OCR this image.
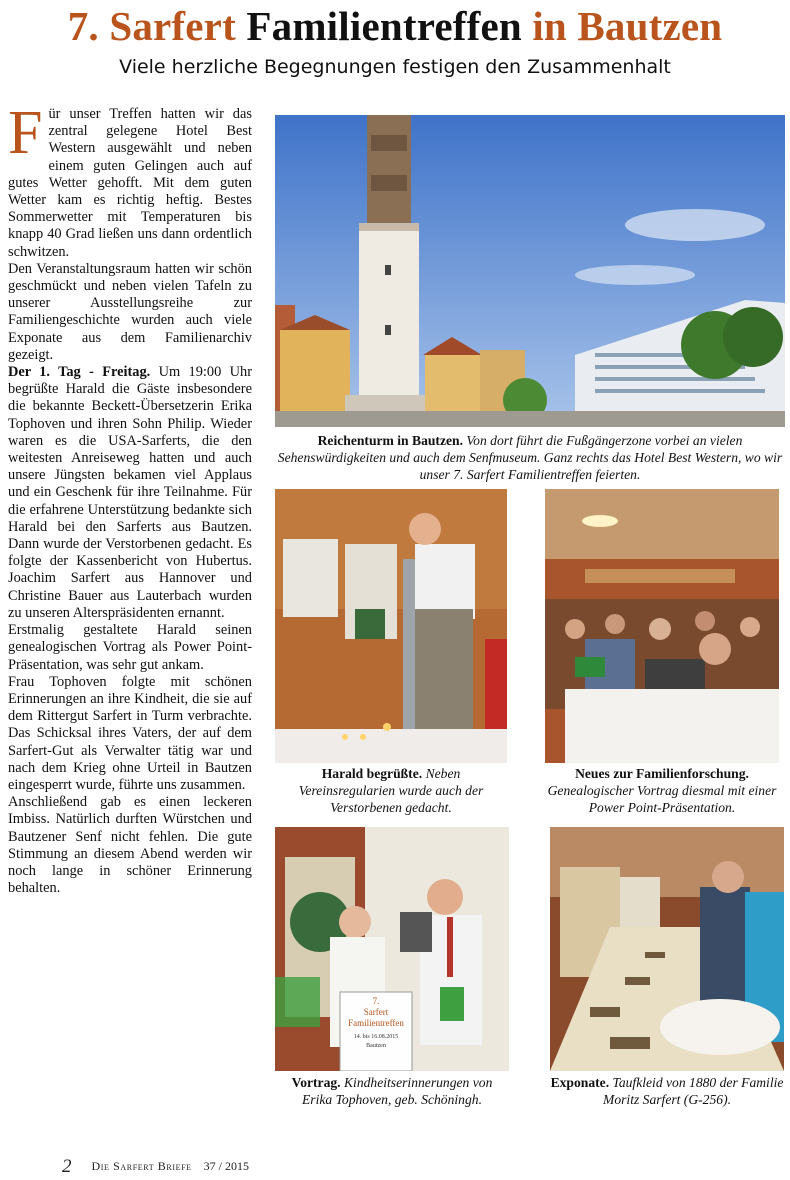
7. Sarfert Familientreffen in Bautzen
Viele herzliche Begegnungen festigen den Zusammenhalt

Für unser Treffen hatten wir das zentral gelegene Hotel Best Western ausgewählt und neben einem guten Gelingen auch auf gutes Wetter gehofft. Mit dem guten Wetter kam es richtig heftig. Bestes Sommerwetter mit Temperaturen bis knapp 40 Grad ließen uns dann ordentlich schwitzen.

Den Veranstaltungsraum hatten wir schön geschmückt und neben vielen Tafeln zu unserer Ausstellungsreihe zur Familiengeschichte wurden auch viele Exponate aus dem Familienarchiv gezeigt.

Der 1. Tag - Freitag. Um 19:00 Uhr begrüßte Harald die Gäste insbesondere die bekannte Beckett-Übersetzerin Erika Tophoven und ihren Sohn Philip. Wieder waren es die USA-Sarferts, die den weitesten Anreiseweg hatten und auch unsere Jüngsten bekamen viel Applaus und ein Geschenk für ihre Teilnahme. Für die erfahrene Unterstützung bedankte sich Harald bei den Sarferts aus Bautzen. Dann wurde der Verstorbenen gedacht. Es folgte der Kassenbericht von Hubertus. Joachim Sarfert aus Hannover und Christine Bauer aus Lauterbach wurden zu unseren Alterspräsidenten ernannt.

Erstmalig gestaltete Harald seinen genealogischen Vortrag als Power Point-Präsentation, was sehr gut ankam.

Frau Tophoven folgte mit schönen Erinnerungen an ihre Kindheit, die sie auf dem Rittergut Sarfert in Turm verbrachte. Das Schicksal ihres Vaters, der auf dem Sarfert-Gut als Verwalter tätig war und nach dem Krieg ohne Urteil in Bautzen eingesperrt wurde, führte uns zusammen.

Anschließend gab es einen leckeren Imbiss. Natürlich durften Würstchen und Bautzener Senf nicht fehlen. Die gute Stimmung an diesem Abend werden wir noch lange in schöner Erinnerung behalten.

Reichenturm in Bautzen. Von dort führt die Fußgängerzone vorbei an vielen Sehenswürdigkeiten und auch dem Senfmuseum. Ganz rechts das Hotel Best Western, wo wir unser 7. Sarfert Familientreffen feierten.
Harald begrüßte. Neben Vereinsregularien wurde auch der Verstorbenen gedacht.
Neues zur Familienforschung. Genealogischer Vortrag diesmal mit einer Power Point-Präsentation.
7.
Sarfert
Familientreffen
14. bis 16.08.2015
Bautzen
Vortrag. Kindheitserinnerungen von Erika Tophoven, geb. Schöningh.
Exponate. Taufkleid von 1880 der Familie Moritz Sarfert (G-256).
2 Die Sarfert Briefe 37 / 2015
